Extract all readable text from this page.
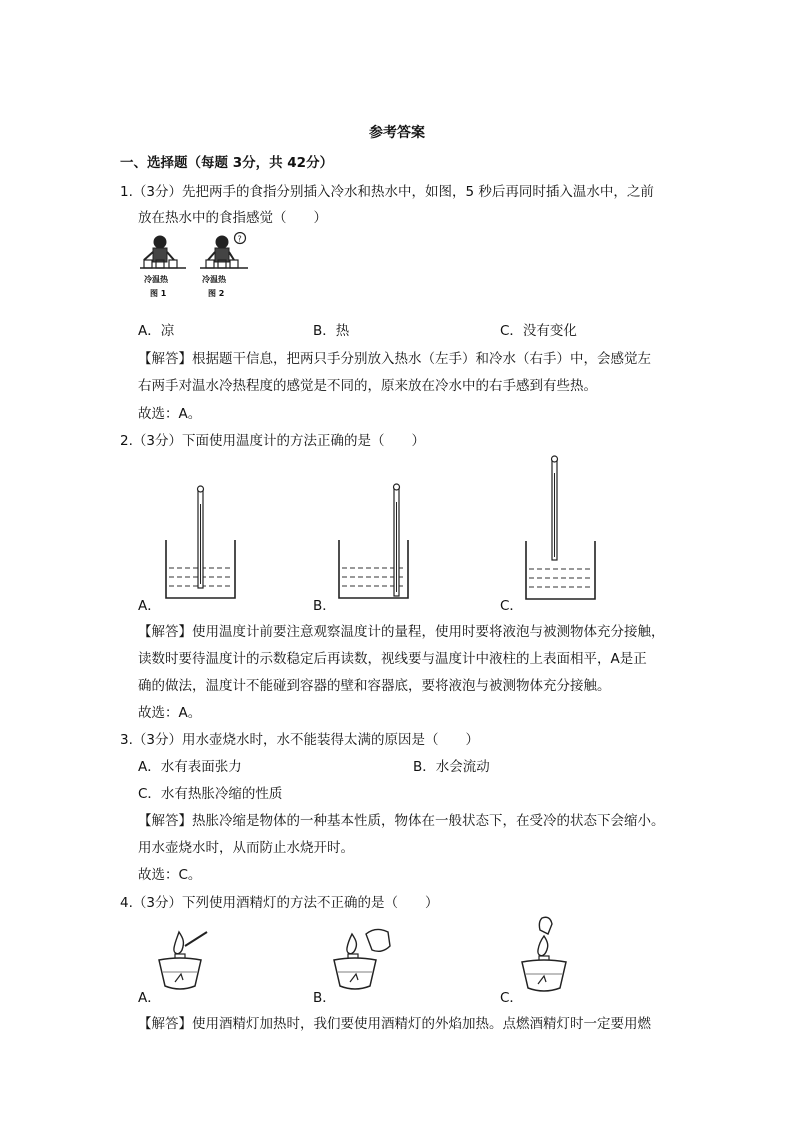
参考答案
一、选择题（每题 3分，共 42分）
1.（3分）先把两手的食指分别插入冷水和热水中，如图，5 秒后再同时插入温水中，之前
放在热水中的食指感觉（　　）
?
冷温热
图 1
冷温热
图 2
A．凉	B．热	C．没有变化
【解答】根据题干信息，把两只手分别放入热水（左手）和冷水（右手）中，会感觉左
右两手对温水冷热程度的感觉是不同的，原来放在冷水中的右手感到有些热。
故选：A。
2.（3分）下面使用温度计的方法正确的是（　　）
A．	B．	C．
【解答】使用温度计前要注意观察温度计的量程，使用时要将液泡与被测物体充分接触，
读数时要待温度计的示数稳定后再读数，视线要与温度计中液柱的上表面相平，A是正
确的做法，温度计不能碰到容器的壁和容器底，要将液泡与被测物体充分接触。
故选：A。
3.（3分）用水壶烧水时，水不能装得太满的原因是（　　）
A．水有表面张力	B．水会流动
C．水有热胀冷缩的性质
【解答】热胀冷缩是物体的一种基本性质，物体在一般状态下，在受冷的状态下会缩小。
用水壶烧水时，从而防止水烧开时。
故选：C。
4.（3分）下列使用酒精灯的方法不正确的是（　　）
A．	B．	C．
【解答】使用酒精灯加热时，我们要使用酒精灯的外焰加热。点燃酒精灯时一定要用燃
